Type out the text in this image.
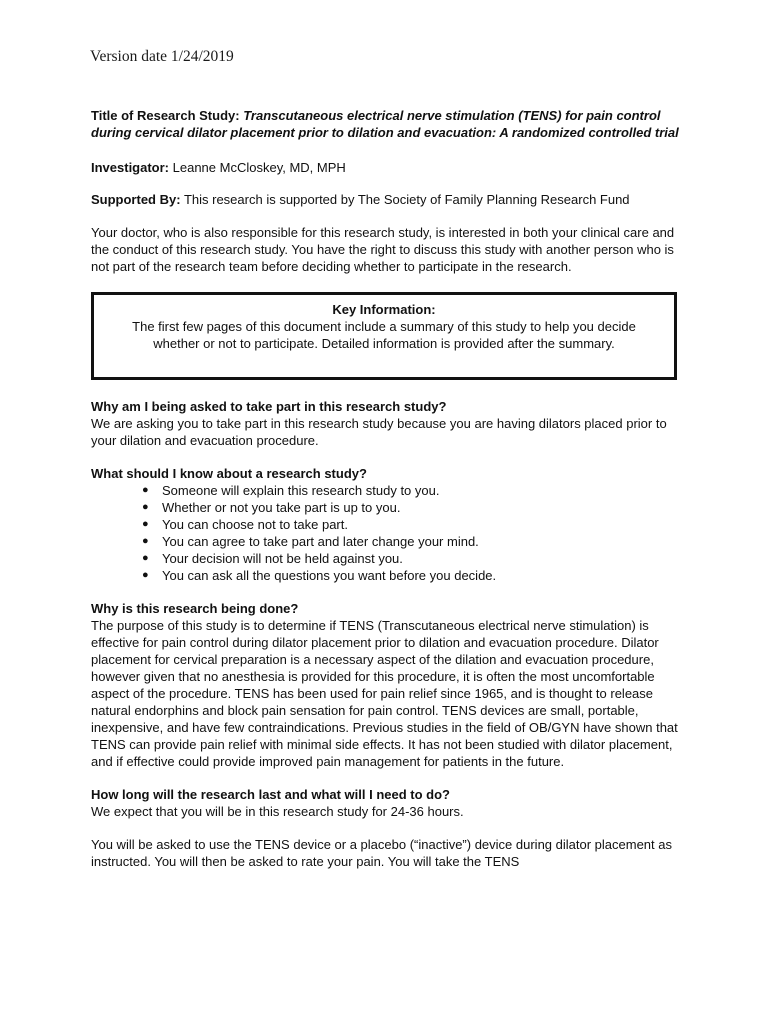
Version date 1/24/2019

Title of Research Study: Transcutaneous electrical nerve stimulation (TENS) for pain control during cervical dilator placement prior to dilation and evacuation: A randomized controlled trial

Investigator: Leanne McCloskey, MD, MPH

Supported By: This research is supported by The Society of Family Planning Research Fund

Your doctor, who is also responsible for this research study, is interested in both your clinical care and the conduct of this research study. You have the right to discuss this study with another person who is not part of the research team before deciding whether to participate in the research.

Key Information:
The first few pages of this document include a summary of this study to help you decide
whether or not to participate. Detailed information is provided after the summary.

Why am I being asked to take part in this research study?

We are asking you to take part in this research study because you are having dilators placed prior to your dilation and evacuation procedure.

What should I know about a research study?

● Someone will explain this research study to you.
● Whether or not you take part is up to you.
● You can choose not to take part.
● You can agree to take part and later change your mind.
● Your decision will not be held against you.
● You can ask all the questions you want before you decide.

Why is this research being done?

The purpose of this study is to determine if TENS (Transcutaneous electrical nerve stimulation) is effective for pain control during dilator placement prior to dilation and evacuation procedure. Dilator placement for cervical preparation is a necessary aspect of the dilation and evacuation procedure, however given that no anesthesia is provided for this procedure, it is often the most uncomfortable aspect of the procedure. TENS has been used for pain relief since 1965, and is thought to release natural endorphins and block pain sensation for pain control. TENS devices are small, portable, inexpensive, and have few contraindications. Previous studies in the field of OB/GYN have shown that TENS can provide pain relief with minimal side effects. It has not been studied with dilator placement, and if effective could provide improved pain management for patients in the future.

How long will the research last and what will I need to do?

We expect that you will be in this research study for 24-36 hours.

You will be asked to use the TENS device or a placebo (“inactive”) device during dilator placement as instructed. You will then be asked to rate your pain. You will take the TENS
